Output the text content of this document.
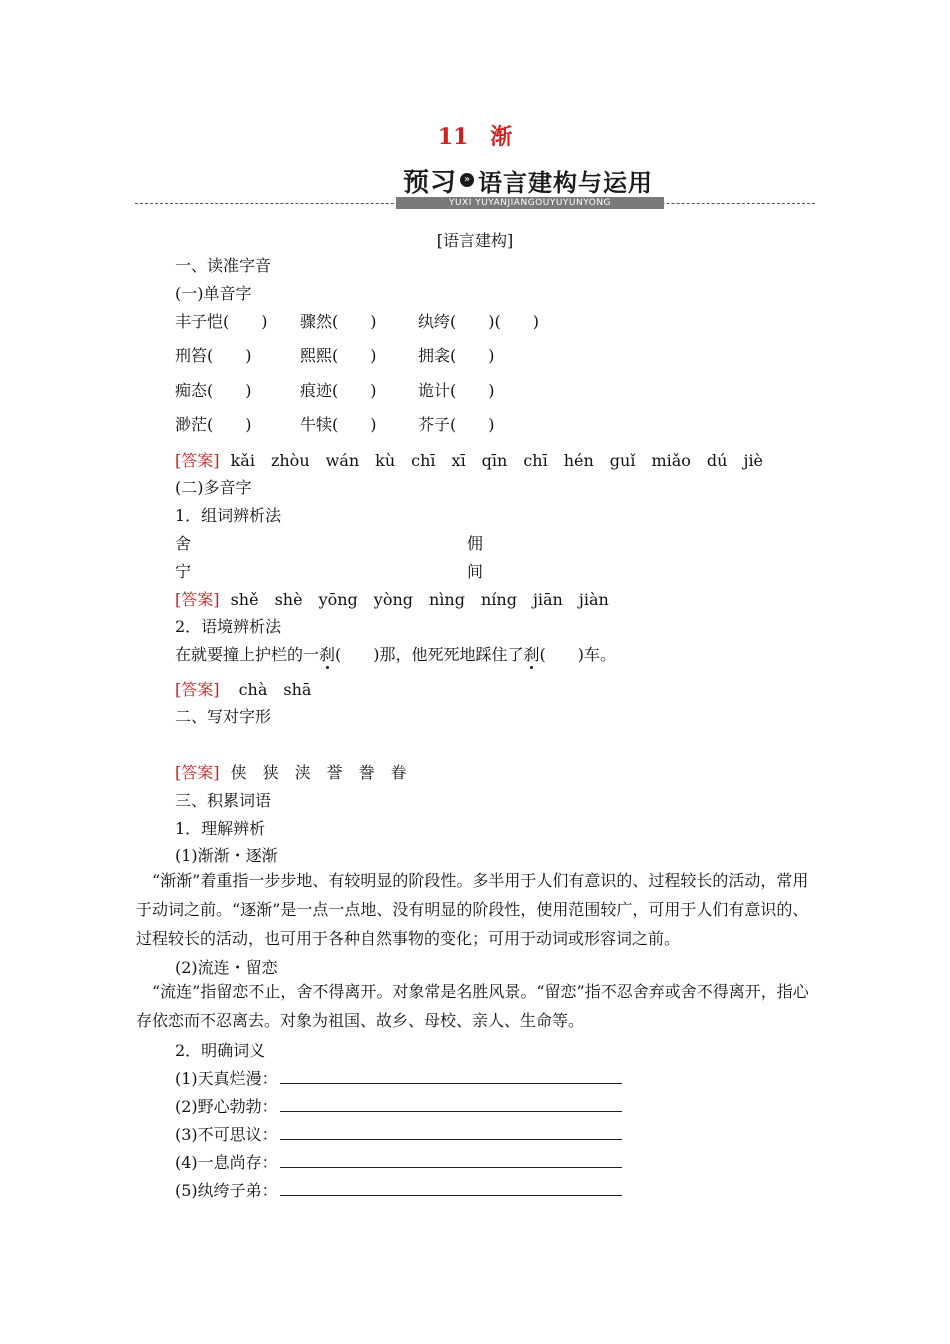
11　渐
预习 » 语言建构与运用
YUXI YUYANJIANGOUYUYUNYONG
[语言建构]
一、读准字音
(一)单音字
丰子恺(　　) 骤然(　　)	纨绔(　　)(　　)
刑笞(　　)	熙熙(　　)	拥衾(　　)
痴态(　　)	痕迹(　　)	诡计(　　)
渺茫(　　)	牛犊(　　)	芥子(　　)
[答案] kǎi　zhòu　wán　kù　chī　xī　qīn　chī　hén　guǐ　miǎo　dú　jiè
(二)多音字
1．组词辨析法
舍	佣
宁	间
[答案] shě　shè　yōng　yòng　nìng　níng　jiān　jiàn
2．语境辨析法
在就要撞上护栏的一刹(　　)那，他死死地踩住了刹(　　)车。
[答案] chà　shā
二、写对字形
[答案] 侠　狭　浃　誉　誊　眷
三、积累词语
1．理解辨析
(1)渐渐・逐渐
“渐渐”着重指一步步地、有较明显的阶段性。多半用于人们有意识的、过程较长的活动，常用于动词之前。“逐渐”是一点一点地、没有明显的阶段性，使用范围较广，可用于人们有意识的、过程较长的活动，也可用于各种自然事物的变化；可用于动词或形容词之前。
(2)流连・留恋
“流连”指留恋不止，舍不得离开。对象常是名胜风景。“留恋”指不忍舍弃或舍不得离开，指心存依恋而不忍离去。对象为祖国、故乡、母校、亲人、生命等。
2．明确词义
(1)天真烂漫：
(2)野心勃勃：
(3)不可思议：
(4)一息尚存：
(5)纨绔子弟：
